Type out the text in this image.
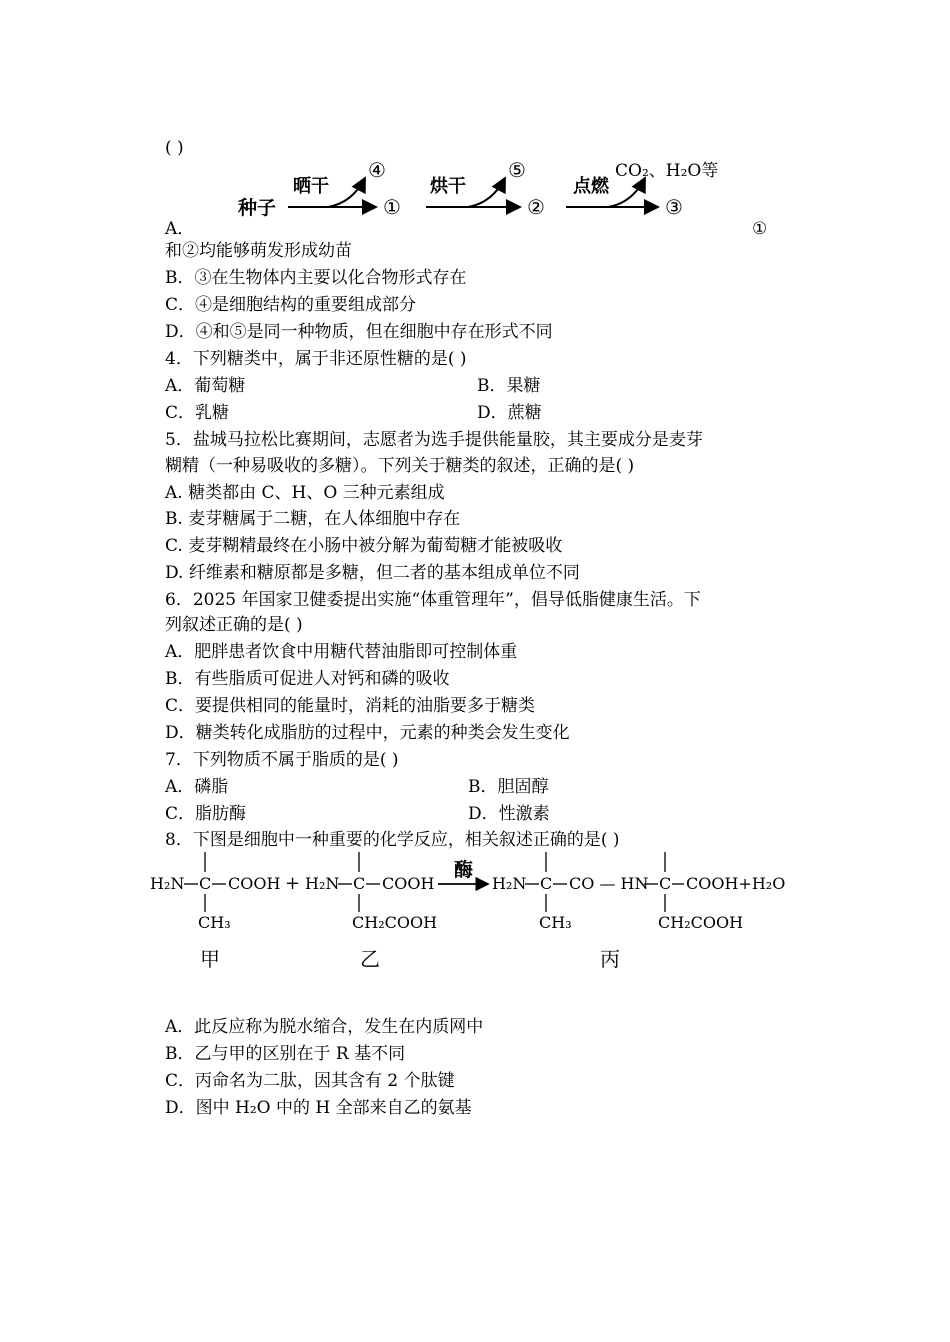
( )
种子
晒干
④
①
烘干
⑤
②
点燃
CO₂、H₂O等
③
A．	①
和②均能够萌发形成幼苗
B．③在生物体内主要以化合物形式存在
C．④是细胞结构的重要组成部分
D．④和⑤是同一种物质，但在细胞中存在形式不同
4．下列糖类中，属于非还原性糖的是( )
A．葡萄糖	B．果糖
C．乳糖	D．蔗糖
5．盐城马拉松比赛期间，志愿者为选手提供能量胶，其主要成分是麦芽
糊精（一种易吸收的多糖）。下列关于糖类的叙述，正确的是( )
A. 糖类都由 C、H、O 三种元素组成
B. 麦芽糖属于二糖，在人体细胞中存在
C. 麦芽糊精最终在小肠中被分解为葡萄糖才能被吸收
D. 纤维素和糖原都是多糖，但二者的基本组成单位不同
6．2025 年国家卫健委提出实施“体重管理年”，倡导低脂健康生活。下
列叙述正确的是( )
A．肥胖患者饮食中用糖代替油脂即可控制体重
B．有些脂质可促进人对钙和磷的吸收
C．要提供相同的能量时，消耗的油脂要多于糖类
D．糖类转化成脂肪的过程中，元素的种类会发生变化
7．下列物质不属于脂质的是( )
A．磷脂	B．胆固醇
C．脂肪酶	D．性激素
8．下图是细胞中一种重要的化学反应，相关叙述正确的是( )
H₂N C COOH
CH₃
+ H₂N C COOH
CH₂COOH
酶
H₂N C CO — HN C COOH+H₂O
CH₃	CH₂COOH
甲	乙	丙
A．此反应称为脱水缩合，发生在内质网中
B．乙与甲的区别在于 R 基不同
C．丙命名为二肽，因其含有 2 个肽键
D．图中 H₂O 中的 H 全部来自乙的氨基
